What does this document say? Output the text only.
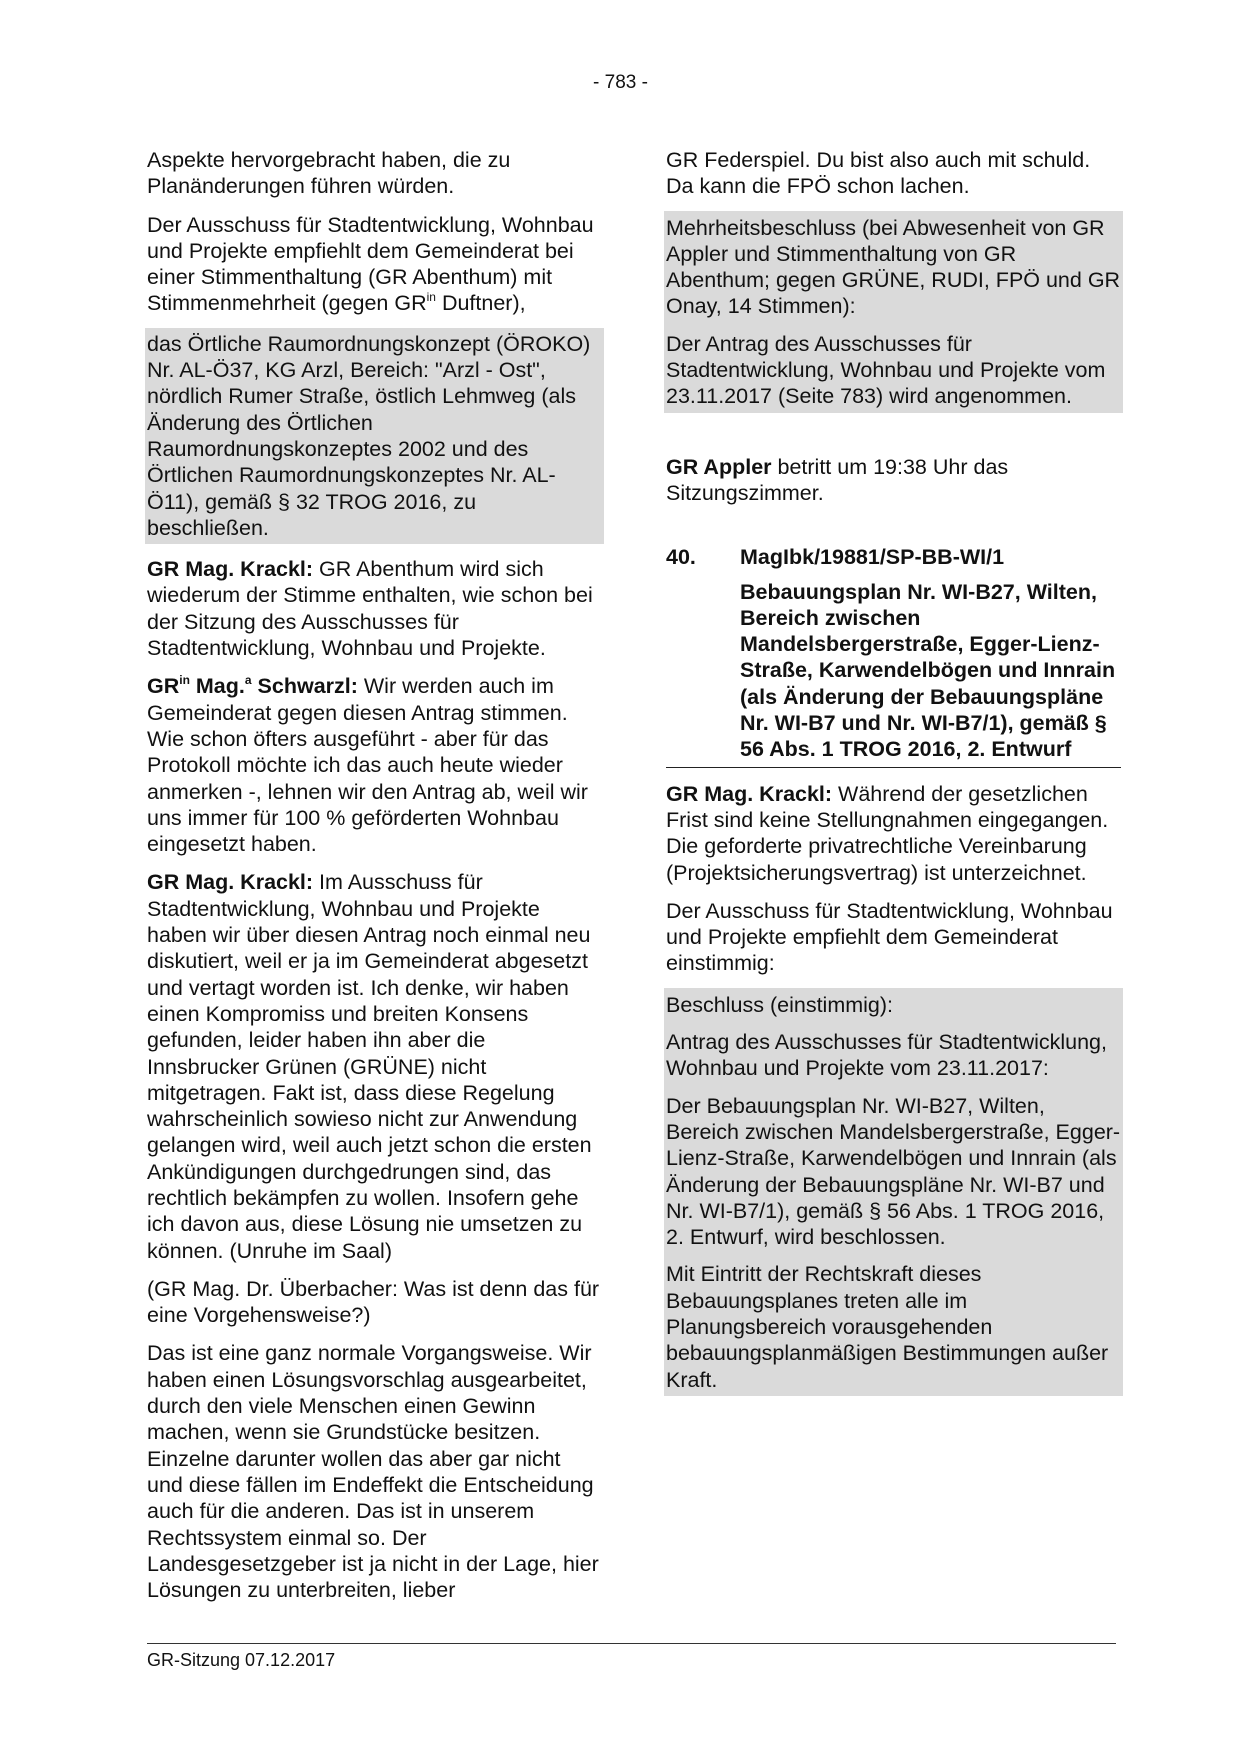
- 783 -

Aspekte hervorgebracht haben, die zu Planänderungen führen würden.

Der Ausschuss für Stadtentwicklung, Wohnbau und Projekte empfiehlt dem Gemeinderat bei einer Stimmenthaltung (GR Abenthum) mit Stimmenmehrheit (gegen $GR^{in}$ Duftner),

das Örtliche Raumordnungskonzept (ÖROKO) Nr. AL-Ö37, KG Arzl, Bereich: "Arzl - Ost", nördlich Rumer Straße, östlich Lehmweg (als Änderung des Örtlichen Raumordnungskonzeptes 2002 und des Örtlichen Raumordnungskonzeptes Nr. AL-Ö11), gemäß § 32 TROG 2016, zu beschließen.

GR Mag. Krackl: GR Abenthum wird sich wiederum der Stimme enthalten, wie schon bei der Sitzung des Ausschusses für Stadtentwicklung, Wohnbau und Projekte.

$GR^{in}$ Mag.$^a$ Schwarzl: Wir werden auch im Gemeinderat gegen diesen Antrag stimmen. Wie schon öfters ausgeführt - aber für das Protokoll möchte ich das auch heute wieder anmerken -, lehnen wir den Antrag ab, weil wir uns immer für 100 % geförderten Wohnbau eingesetzt haben.

GR Mag. Krackl: Im Ausschuss für Stadtentwicklung, Wohnbau und Projekte haben wir über diesen Antrag noch einmal neu diskutiert, weil er ja im Gemeinderat abgesetzt und vertagt worden ist. Ich denke, wir haben einen Kompromiss und breiten Konsens gefunden, leider haben ihn aber die Innsbrucker Grünen (GRÜNE) nicht mitgetragen. Fakt ist, dass diese Regelung wahrscheinlich sowieso nicht zur Anwendung gelangen wird, weil auch jetzt schon die ersten Ankündigungen durchgedrungen sind, das rechtlich bekämpfen zu wollen. Insofern gehe ich davon aus, diese Lösung nie umsetzen zu können. (Unruhe im Saal)

(GR Mag. Dr. Überbacher: Was ist denn das für eine Vorgehensweise?)

Das ist eine ganz normale Vorgangsweise. Wir haben einen Lösungsvorschlag ausgearbeitet, durch den viele Menschen einen Gewinn machen, wenn sie Grundstücke besitzen. Einzelne darunter wollen das aber gar nicht und diese fällen im Endeffekt die Entscheidung auch für die anderen. Das ist in unserem Rechtssystem einmal so. Der Landesgesetzgeber ist ja nicht in der Lage, hier Lösungen zu unterbreiten, lieber

GR Federspiel. Du bist also auch mit schuld. Da kann die FPÖ schon lachen.

Mehrheitsbeschluss (bei Abwesenheit von GR Appler und Stimmenthaltung von GR Abenthum; gegen GRÜNE, RUDI, FPÖ und GR Onay, 14 Stimmen):

Der Antrag des Ausschusses für Stadtentwicklung, Wohnbau und Projekte vom 23.11.2017 (Seite 783) wird angenommen.

GR Appler betritt um 19:38 Uhr das Sitzungszimmer.

40.	MagIbk/19881/SP-BB-WI/1
Bebauungsplan Nr. WI-B27, Wilten, Bereich zwischen Mandelsbergerstraße, Egger-Lienz-Straße, Karwendelbögen und Innrain (als Änderung der Bebauungspläne Nr. WI-B7 und Nr. WI-B7/1), gemäß § 56 Abs. 1 TROG 2016, 2. Entwurf

GR Mag. Krackl: Während der gesetzlichen Frist sind keine Stellungnahmen eingegangen. Die geforderte privatrechtliche Vereinbarung (Projektsicherungsvertrag) ist unterzeichnet.

Der Ausschuss für Stadtentwicklung, Wohnbau und Projekte empfiehlt dem Gemeinderat einstimmig:

Beschluss (einstimmig):

Antrag des Ausschusses für Stadtentwicklung, Wohnbau und Projekte vom 23.11.2017:

Der Bebauungsplan Nr. WI-B27, Wilten, Bereich zwischen Mandelsbergerstraße, Egger-Lienz-Straße, Karwendelbögen und Innrain (als Änderung der Bebauungspläne Nr. WI-B7 und Nr. WI-B7/1), gemäß § 56 Abs. 1 TROG 2016, 2. Entwurf, wird beschlossen.

Mit Eintritt der Rechtskraft dieses Bebauungsplanes treten alle im Planungsbereich vorausgehenden bebauungsplanmäßigen Bestimmungen außer Kraft.

GR-Sitzung 07.12.2017
